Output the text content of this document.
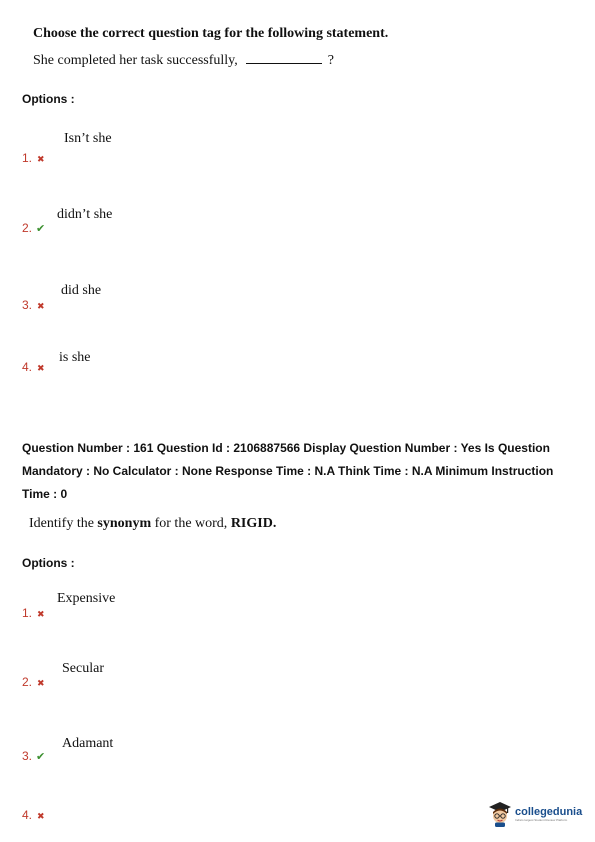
Choose the correct question tag for the following statement.
She completed her task successfully,	?
Options :
Isn’t she
1. ✖
didn’t she
2. ✔
did she
3. ✖
is she
4. ✖
Question Number : 161 Question Id : 2106887566 Display Question Number : Yes Is Question Mandatory : No Calculator : None Response Time : N.A Think Time : N.A Minimum Instruction Time : 0
Identify the synonym for the word, RIGID.
Options :
Expensive
1. ✖
Secular
2. ✖
Adamant
3. ✔
4. ✖	collegedunia
India's largest Student Review Platform
